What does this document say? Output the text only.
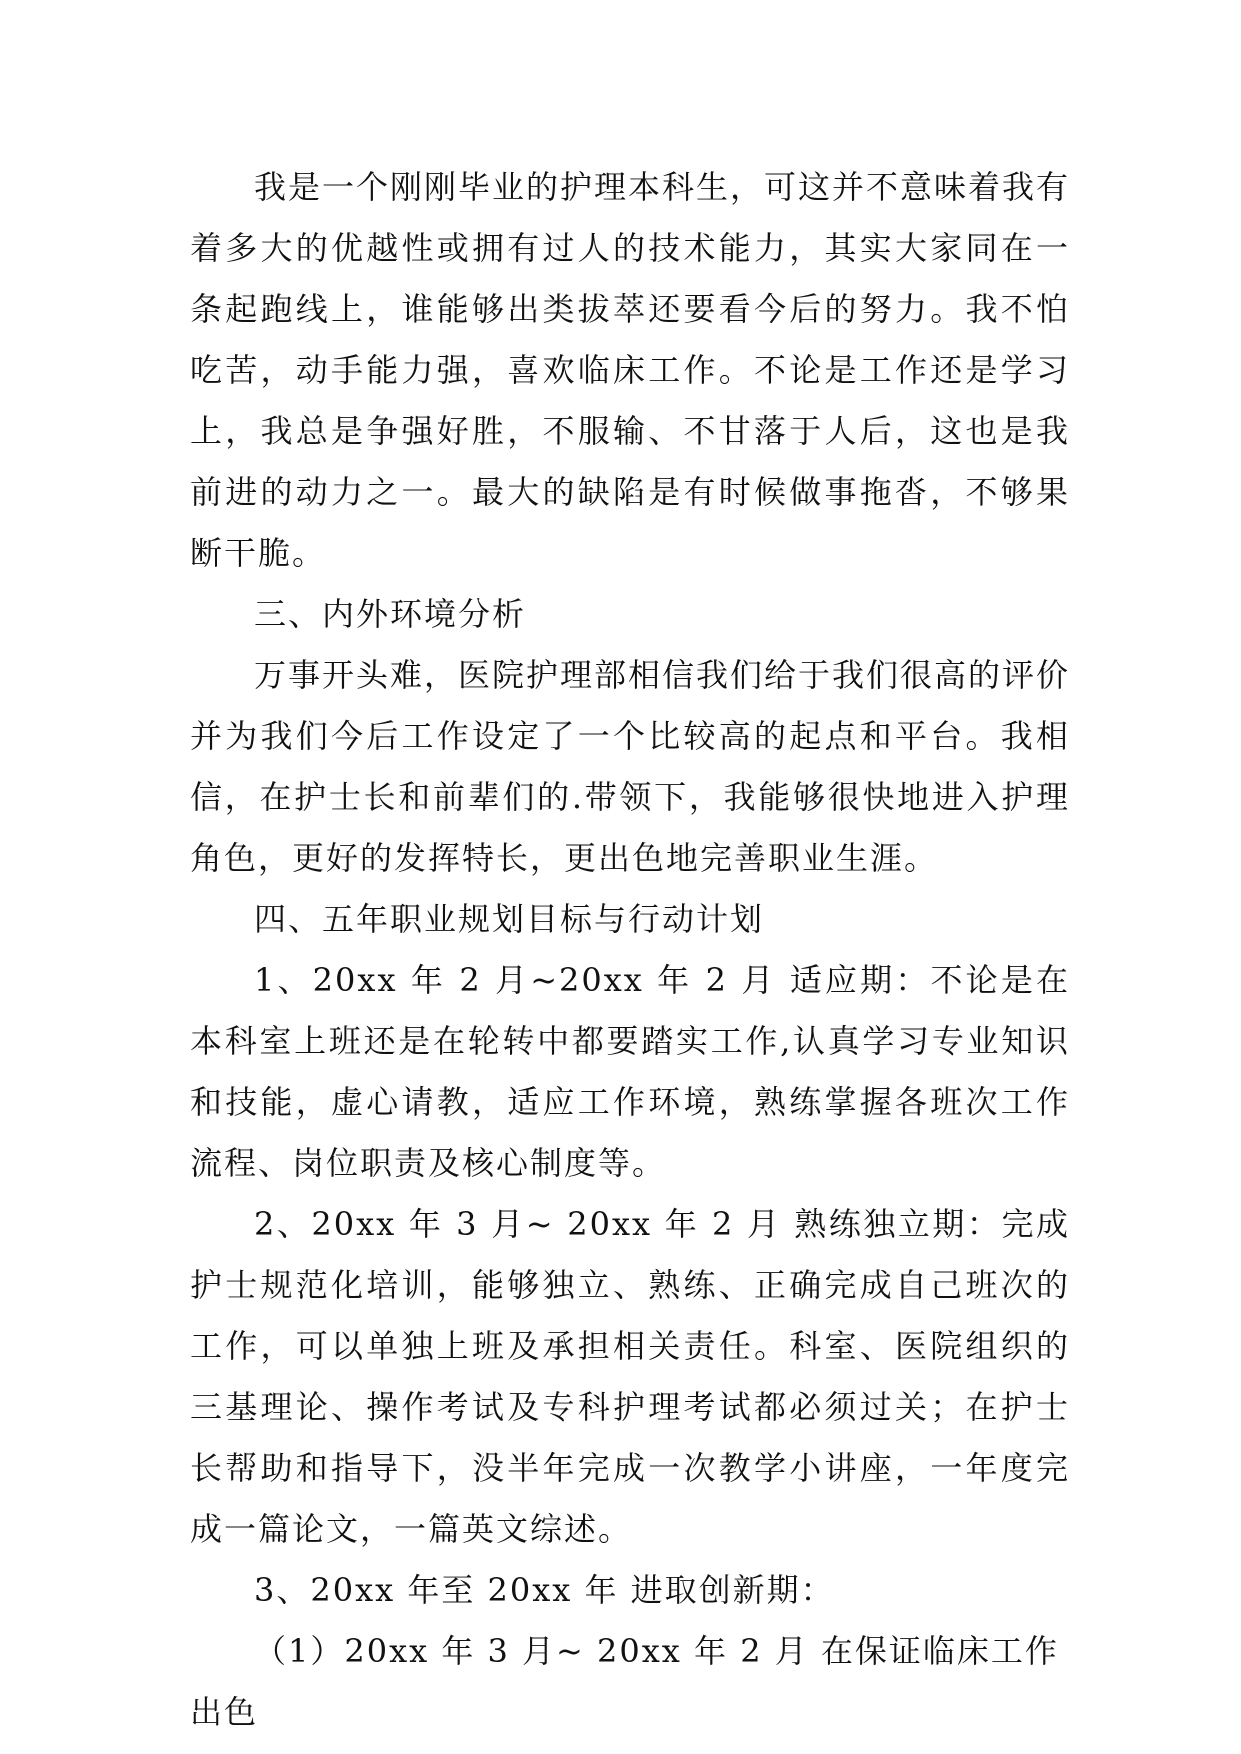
我是一个刚刚毕业的护理本科生，可这并不意味着我有着多大的优越性或拥有过人的技术能力，其实大家同在一条起跑线上，谁能够出类拔萃还要看今后的努力。我不怕吃苦，动手能力强，喜欢临床工作。不论是工作还是学习上，我总是争强好胜，不服输、不甘落于人后，这也是我前进的动力之一。最大的缺陷是有时候做事拖沓，不够果断干脆。

三、内外环境分析

万事开头难，医院护理部相信我们给于我们很高的评价并为我们今后工作设定了一个比较高的起点和平台。我相信，在护士长和前辈们的.带领下，我能够很快地进入护理角色，更好的发挥特长，更出色地完善职业生涯。

四、五年职业规划目标与行动计划

1、20xx 年 2 月~20xx 年 2 月 适应期：不论是在本科室上班还是在轮转中都要踏实工作,认真学习专业知识和技能，虚心请教，适应工作环境，熟练掌握各班次工作流程、岗位职责及核心制度等。

2、20xx 年 3 月~ 20xx 年 2 月 熟练独立期：完成护士规范化培训，能够独立、熟练、正确完成自己班次的工作，可以单独上班及承担相关责任。科室、医院组织的三基理论、操作考试及专科护理考试都必须过关；在护士长帮助和指导下，没半年完成一次教学小讲座，一年度完成一篇论文，一篇英文综述。

3、20xx 年至 20xx 年 进取创新期：

（1）20xx 年 3 月~ 20xx 年 2 月 在保证临床工作出色
